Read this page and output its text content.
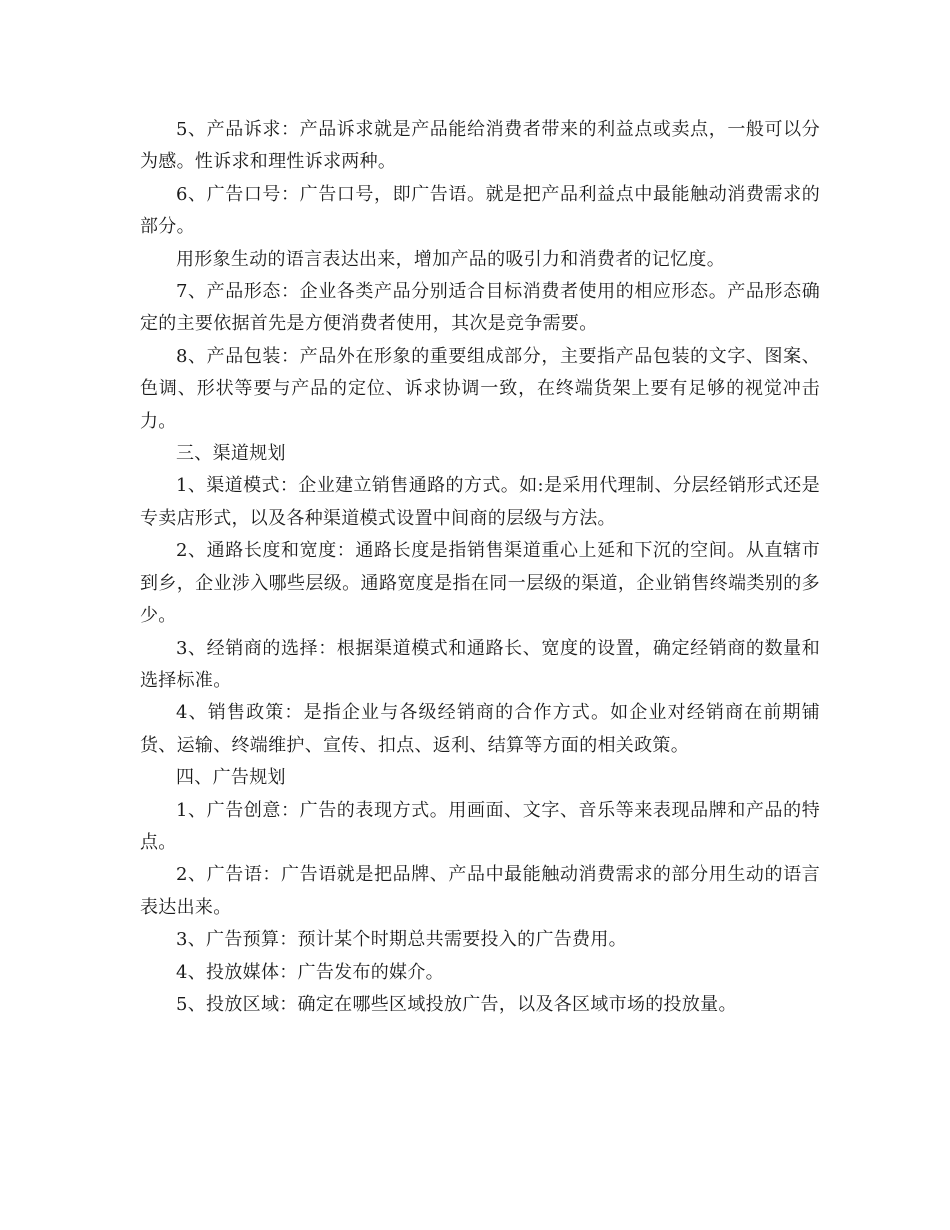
5、产品诉求：产品诉求就是产品能给消费者带来的利益点或卖点，一般可以分为感。性诉求和理性诉求两种。

6、广告口号：广告口号，即广告语。就是把产品利益点中最能触动消费需求的部分。

用形象生动的语言表达出来，增加产品的吸引力和消费者的记忆度。

7、产品形态：企业各类产品分别适合目标消费者使用的相应形态。产品形态确定的主要依据首先是方便消费者使用，其次是竞争需要。

8、产品包装：产品外在形象的重要组成部分，主要指产品包装的文字、图案、色调、形状等要与产品的定位、诉求协调一致，在终端货架上要有足够的视觉冲击力。

三、渠道规划

1、渠道模式：企业建立销售通路的方式。如:是采用代理制、分层经销形式还是专卖店形式，以及各种渠道模式设置中间商的层级与方法。

2、通路长度和宽度：通路长度是指销售渠道重心上延和下沉的空间。从直辖市到乡，企业涉入哪些层级。通路宽度是指在同一层级的渠道，企业销售终端类别的多少。

3、经销商的选择：根据渠道模式和通路长、宽度的设置，确定经销商的数量和选择标准。

4、销售政策：是指企业与各级经销商的合作方式。如企业对经销商在前期铺货、运输、终端维护、宣传、扣点、返利、结算等方面的相关政策。

四、广告规划

1、广告创意：广告的表现方式。用画面、文字、音乐等来表现品牌和产品的特点。

2、广告语：广告语就是把品牌、产品中最能触动消费需求的部分用生动的语言表达出来。

3、广告预算：预计某个时期总共需要投入的广告费用。

4、投放媒体：广告发布的媒介。

5、投放区域：确定在哪些区域投放广告，以及各区域市场的投放量。
